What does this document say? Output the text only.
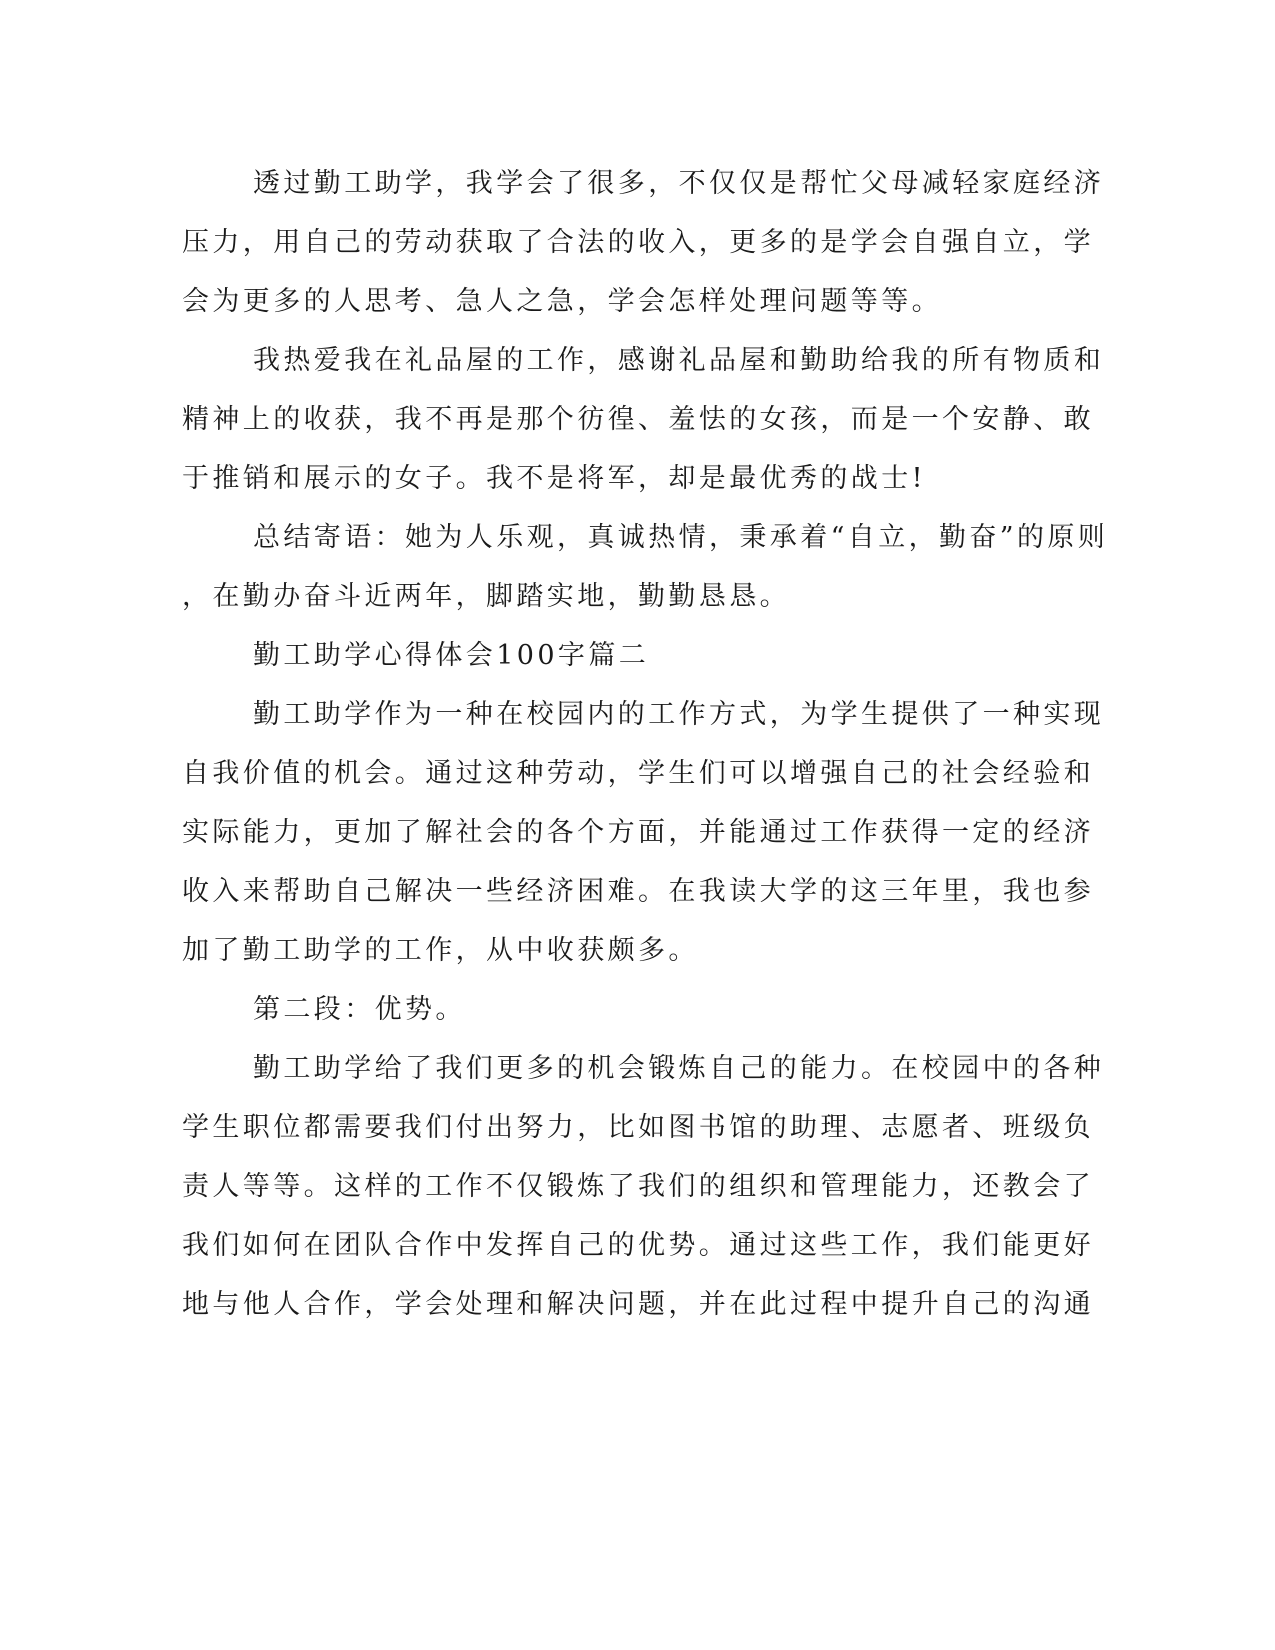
透过勤工助学，我学会了很多，不仅仅是帮忙父母减轻家庭经济
压力，用自己的劳动获取了合法的收入，更多的是学会自强自立，学
会为更多的人思考、急人之急，学会怎样处理问题等等。
我热爱我在礼品屋的工作，感谢礼品屋和勤助给我的所有物质和
精神上的收获，我不再是那个彷徨、羞怯的女孩，而是一个安静、敢
于推销和展示的女子。我不是将军，却是最优秀的战士!
总结寄语：她为人乐观，真诚热情，秉承着“自立，勤奋”的原则
，在勤办奋斗近两年，脚踏实地，勤勤恳恳。
勤工助学心得体会100字篇二
勤工助学作为一种在校园内的工作方式，为学生提供了一种实现
自我价值的机会。通过这种劳动，学生们可以增强自己的社会经验和
实际能力，更加了解社会的各个方面，并能通过工作获得一定的经济
收入来帮助自己解决一些经济困难。在我读大学的这三年里，我也参
加了勤工助学的工作，从中收获颇多。
第二段：优势。
勤工助学给了我们更多的机会锻炼自己的能力。在校园中的各种
学生职位都需要我们付出努力，比如图书馆的助理、志愿者、班级负
责人等等。这样的工作不仅锻炼了我们的组织和管理能力，还教会了
我们如何在团队合作中发挥自己的优势。通过这些工作，我们能更好
地与他人合作，学会处理和解决问题，并在此过程中提升自己的沟通
